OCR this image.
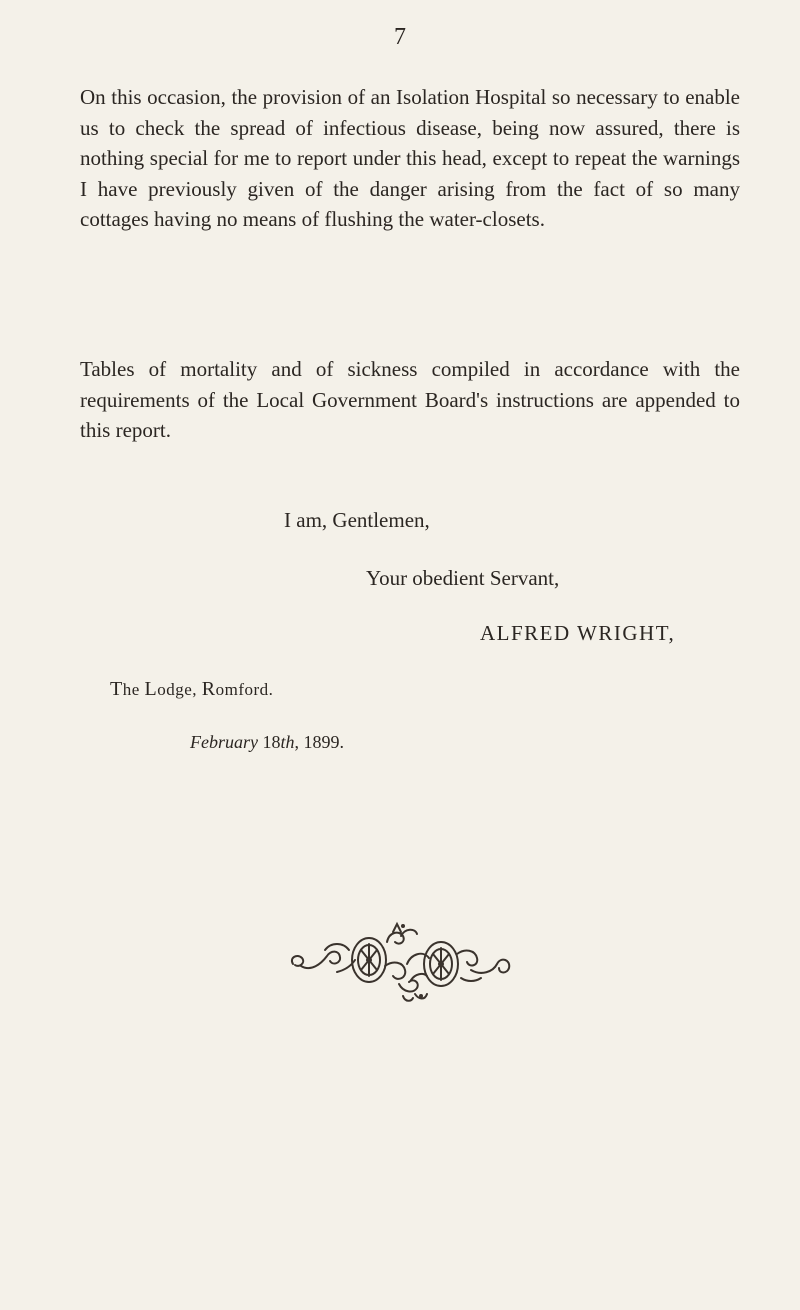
7

On this occasion, the provision of an Isolation Hospital so necessary to enable us to check the spread of infectious disease, being now assured, there is nothing special for me to report under this head, except to repeat the warnings I have previously given of the danger arising from the fact of so many cottages having no means of flushing the water-closets.

Tables of mortality and of sickness compiled in accordance with the requirements of the Local Government Board's instructions are appended to this report.

I am, Gentlemen,
Your obedient Servant,
ALFRED WRIGHT,
The Lodge, Romford.
February 18th, 1899.
